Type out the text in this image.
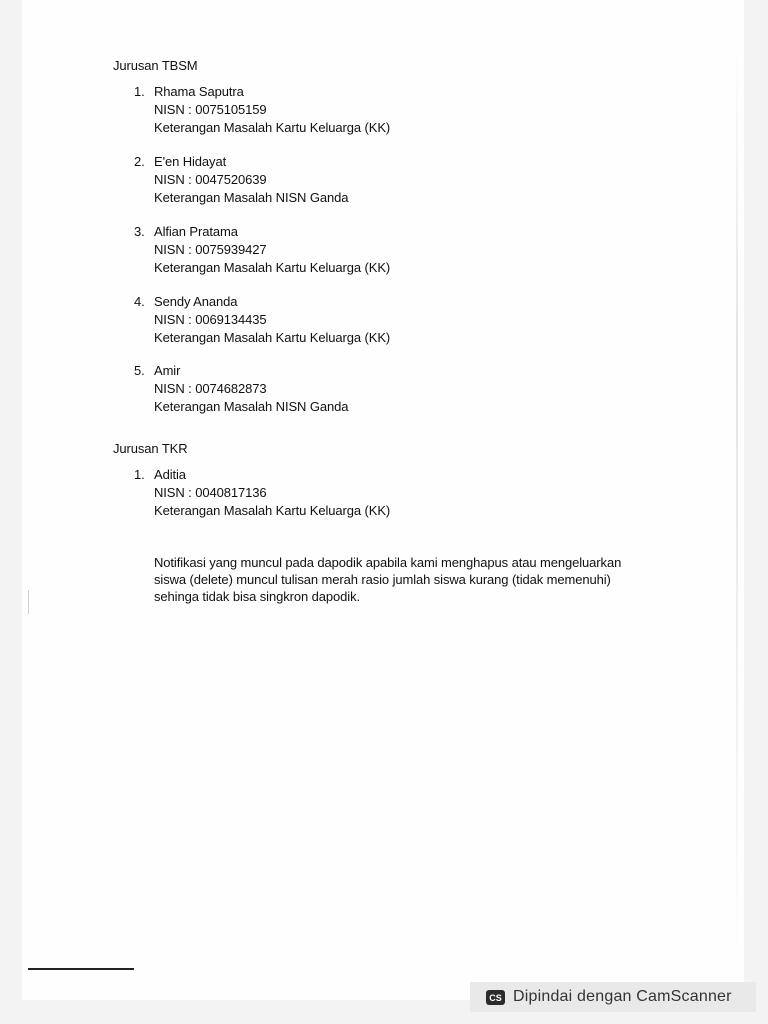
Jurusan TBSM
1. Rhama Saputra
NISN : 0075105159
Keterangan Masalah Kartu Keluarga (KK)
2. E'en Hidayat
NISN : 0047520639
Keterangan Masalah NISN Ganda
3. Alfian Pratama
NISN : 0075939427
Keterangan Masalah Kartu Keluarga (KK)
4. Sendy Ananda
NISN : 0069134435
Keterangan Masalah Kartu Keluarga (KK)
5. Amir
NISN : 0074682873
Keterangan Masalah NISN Ganda
Jurusan TKR
1. Aditia
NISN : 0040817136
Keterangan Masalah Kartu Keluarga (KK)
Notifikasi yang muncul pada dapodik apabila kami menghapus atau mengeluarkan
siswa (delete) muncul tulisan merah rasio jumlah siswa kurang (tidak memenuhi)
sehinga tidak bisa singkron dapodik.
CS Dipindai dengan CamScanner
